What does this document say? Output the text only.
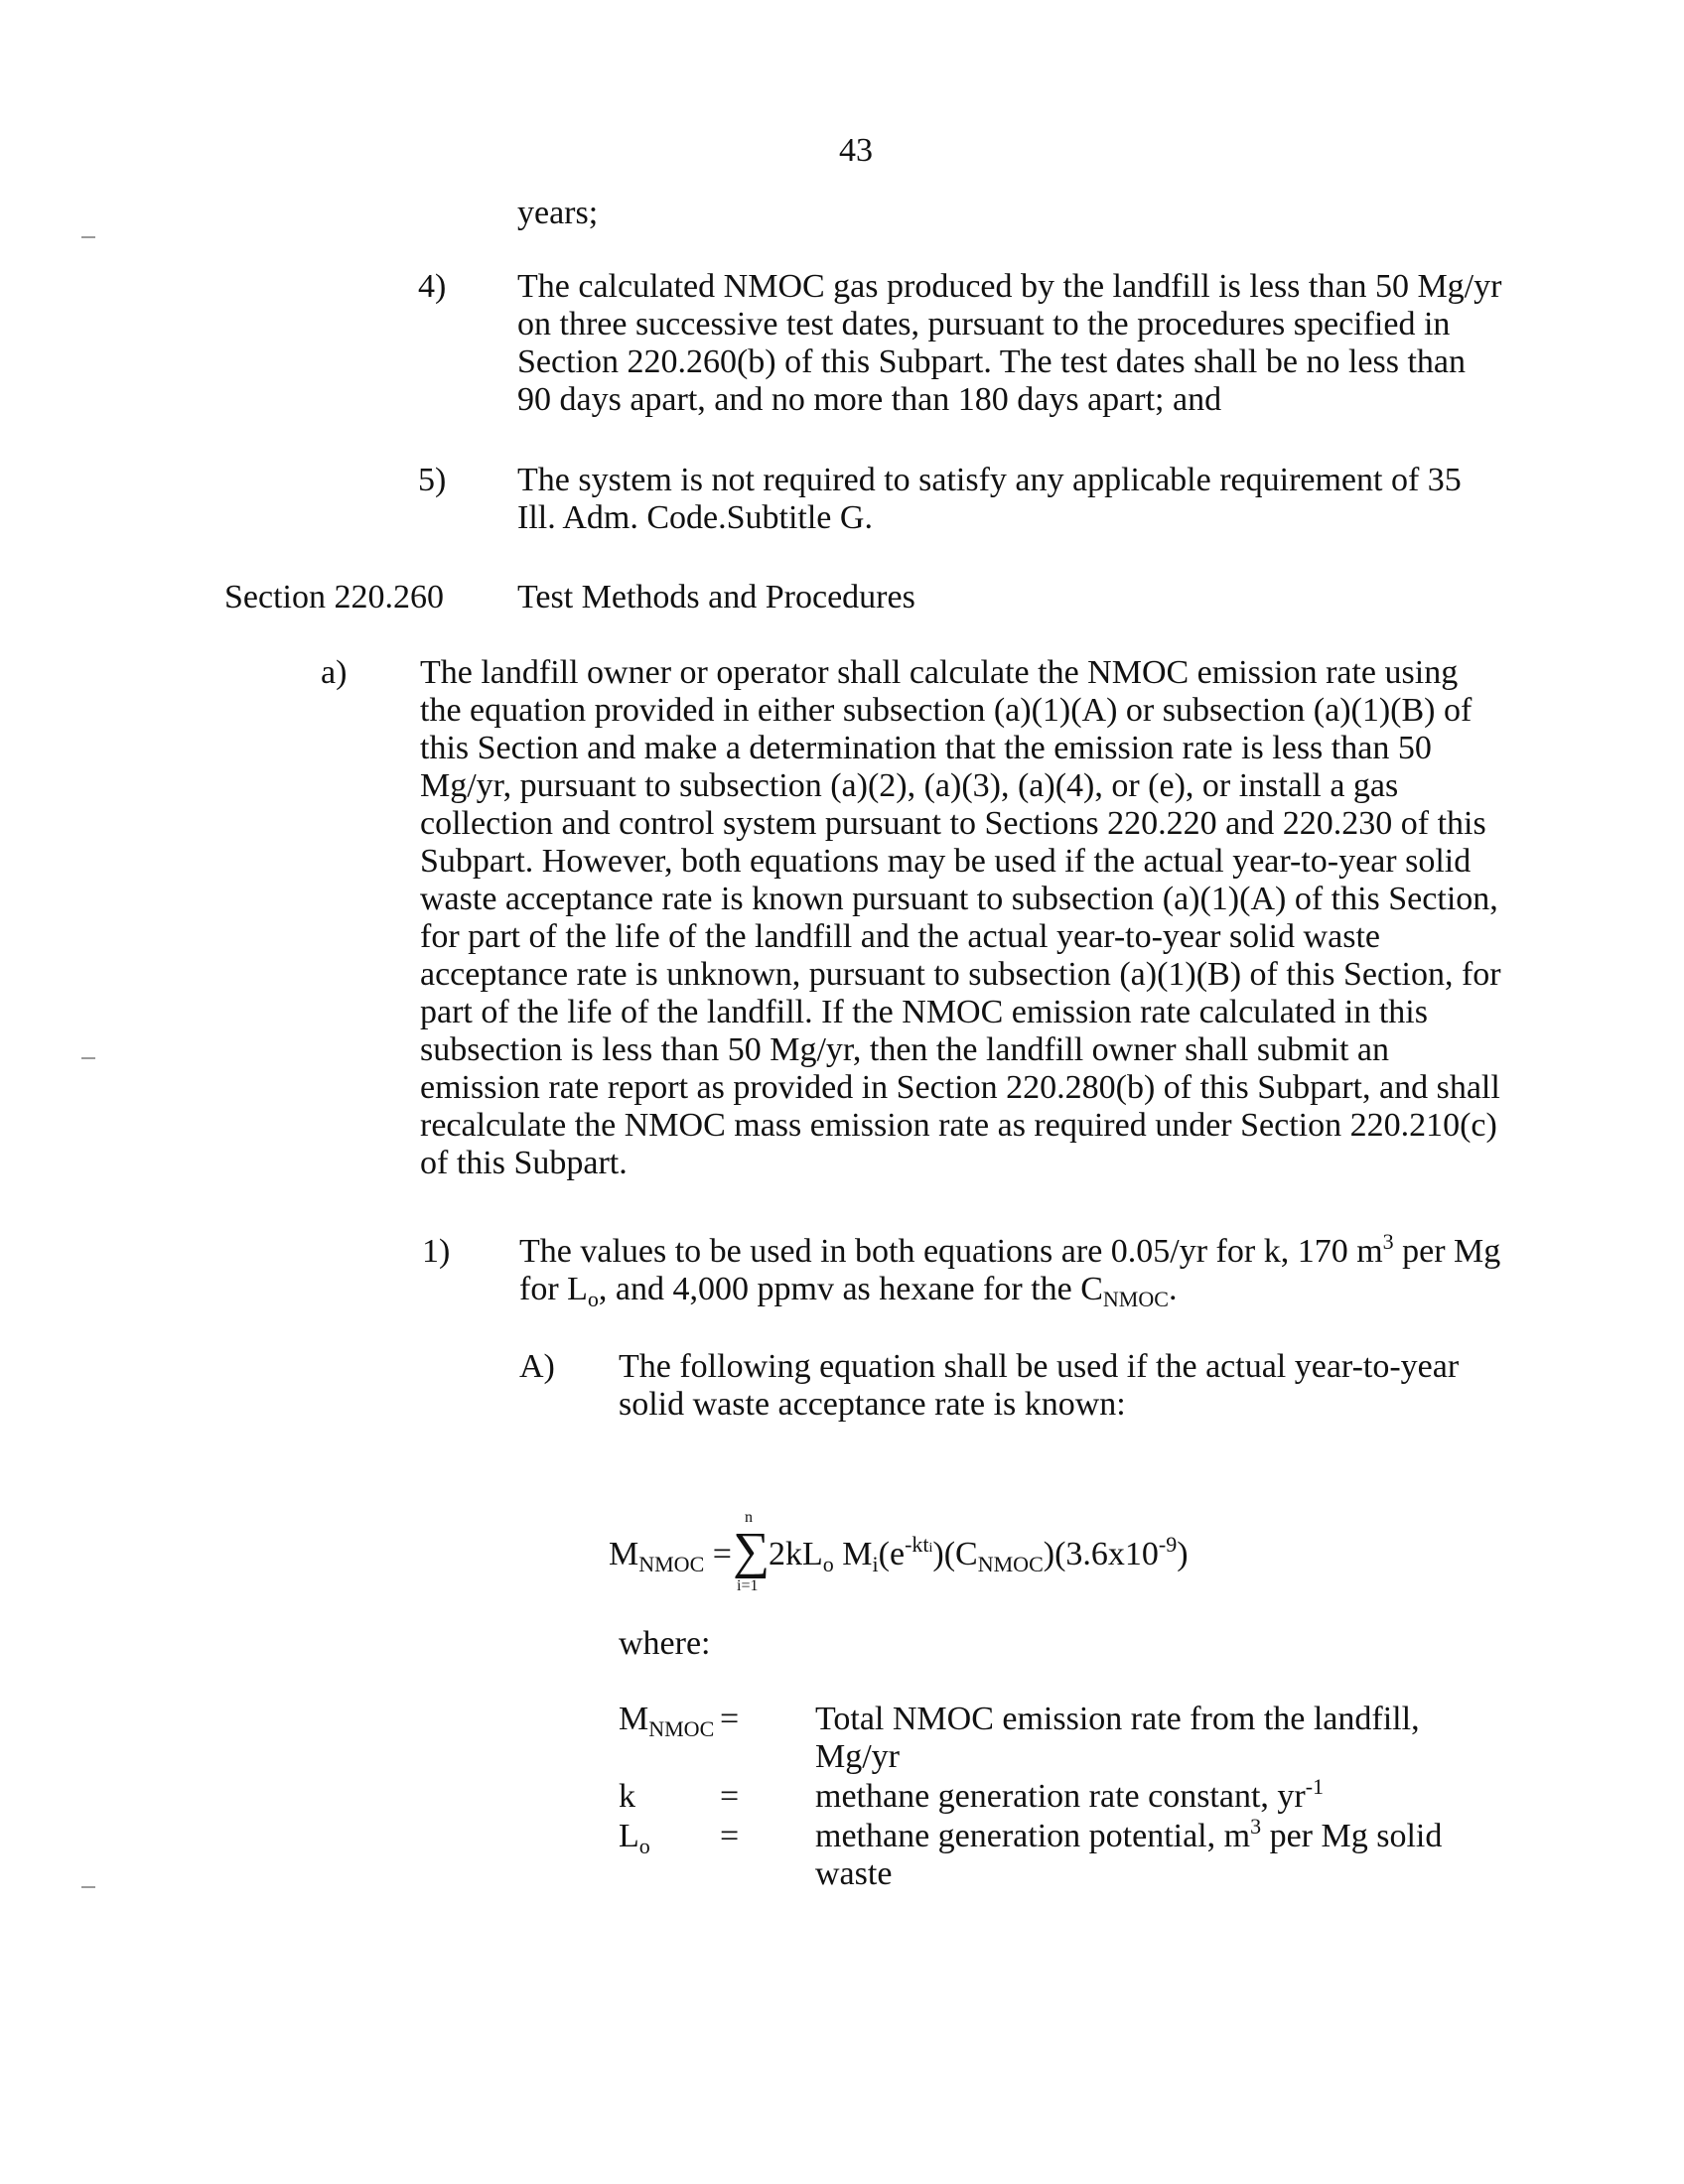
43
years;
4) The calculated NMOC gas produced by the landfill is less than 50 Mg/yr
on three successive test dates, pursuant to the procedures specified in
Section 220.260(b) of this Subpart. The test dates shall be no less than
90 days apart, and no more than 180 days apart; and
5) The system is not required to satisfy any applicable requirement of 35
Ill. Adm. Code.Subtitle G.
Section 220.260 Test Methods and Procedures
a) The landfill owner or operator shall calculate the NMOC emission rate using
the equation provided in either subsection (a)(1)(A) or subsection (a)(1)(B) of
this Section and make a determination that the emission rate is less than 50
Mg/yr, pursuant to subsection (a)(2), (a)(3), (a)(4), or (e), or install a gas
collection and control system pursuant to Sections 220.220 and 220.230 of this
Subpart. However, both equations may be used if the actual year-to-year solid
waste acceptance rate is known pursuant to subsection (a)(1)(A) of this Section,
for part of the life of the landfill and the actual year-to-year solid waste
acceptance rate is unknown, pursuant to subsection (a)(1)(B) of this Section, for
part of the life of the landfill. If the NMOC emission rate calculated in this
subsection is less than 50 Mg/yr, then the landfill owner shall submit an
emission rate report as provided in Section 220.280(b) of this Subpart, and shall
recalculate the NMOC mass emission rate as required under Section 220.210(c)
of this Subpart.
1) The values to be used in both equations are 0.05/yr for k, 170 $m^3$ per Mg
for $L_o$, and 4,000 ppmv as hexane for the $C_{NMOC}$.
A) The following equation shall be used if the actual year-to-year
solid waste acceptance rate is known:
$M_{NMOC}$ =
n
∑
i=1
$2kL_o$ $M_i(e^{-kti})(C_{NMOC})(3.6x10^{-9})$
where:
$M_{NMOC}$ = Total NMOC emission rate from the landfill,
Mg/yr
k	= methane generation rate constant, $yr^{-1}$
$L_o$ = methane generation potential, $m^3$ per Mg solid
waste
